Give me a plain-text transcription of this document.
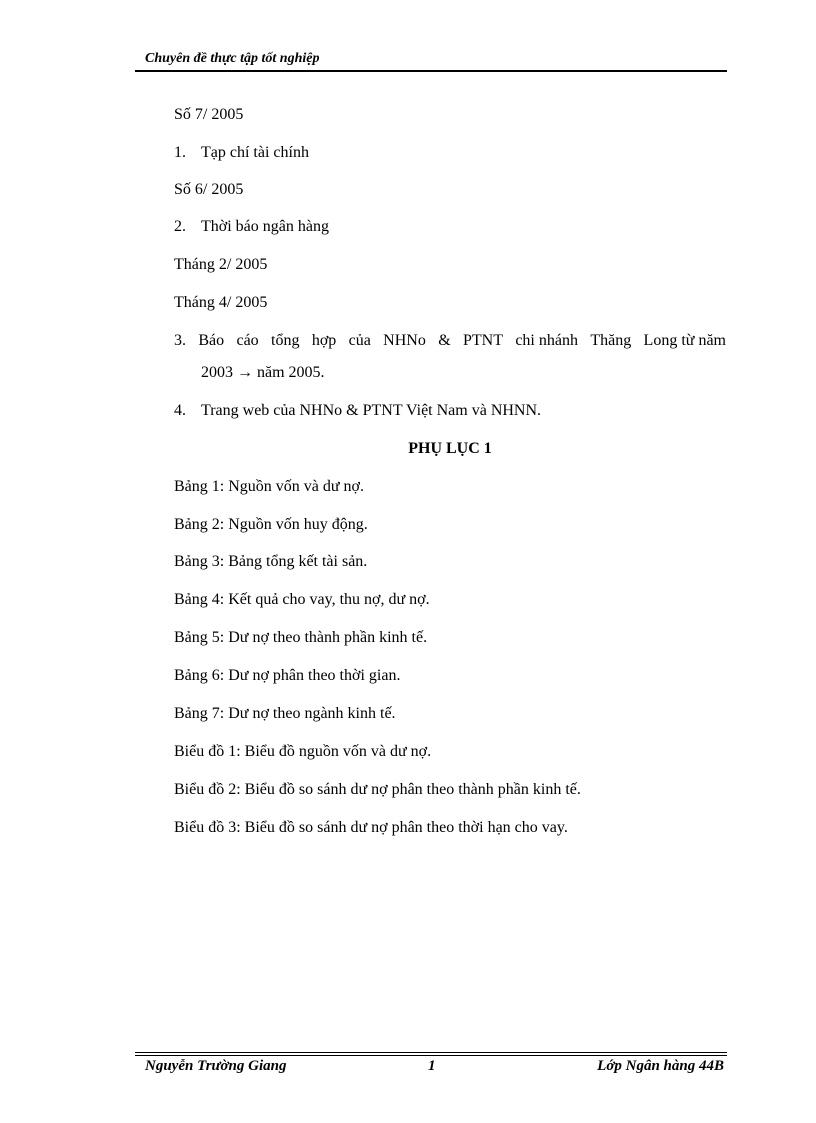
Chuyên đề thực tập tốt nghiệp
Số 7/ 2005
1. Tạp chí tài chính
Số 6/ 2005
2. Thời báo ngân hàng
Tháng 2/ 2005
Tháng 4/ 2005
3. Báo cáo tổng hợp của NHNo & PTNT chi nhánh Thăng Long từ năm
2003 → năm 2005.
4. Trang web của NHNo & PTNT Việt Nam và NHNN.
PHỤ LỤC 1
Bảng 1: Nguồn vốn và dư nợ.
Bảng 2: Nguồn vốn huy động.
Bảng 3: Bảng tổng kết tài sản.
Bảng 4: Kết quả cho vay, thu nợ, dư nợ.
Bảng 5: Dư nợ theo thành phần kinh tế.
Bảng 6: Dư nợ phân theo thời gian.
Bảng 7: Dư nợ theo ngành kinh tế.
Biểu đồ 1: Biểu đồ nguồn vốn và dư nợ.
Biểu đồ 2: Biểu đồ so sánh dư nợ phân theo thành phần kinh tế.
Biểu đồ 3: Biểu đồ so sánh dư nợ phân theo thời hạn cho vay.
Nguyễn Trường Giang	1	Lớp Ngân hàng 44B
